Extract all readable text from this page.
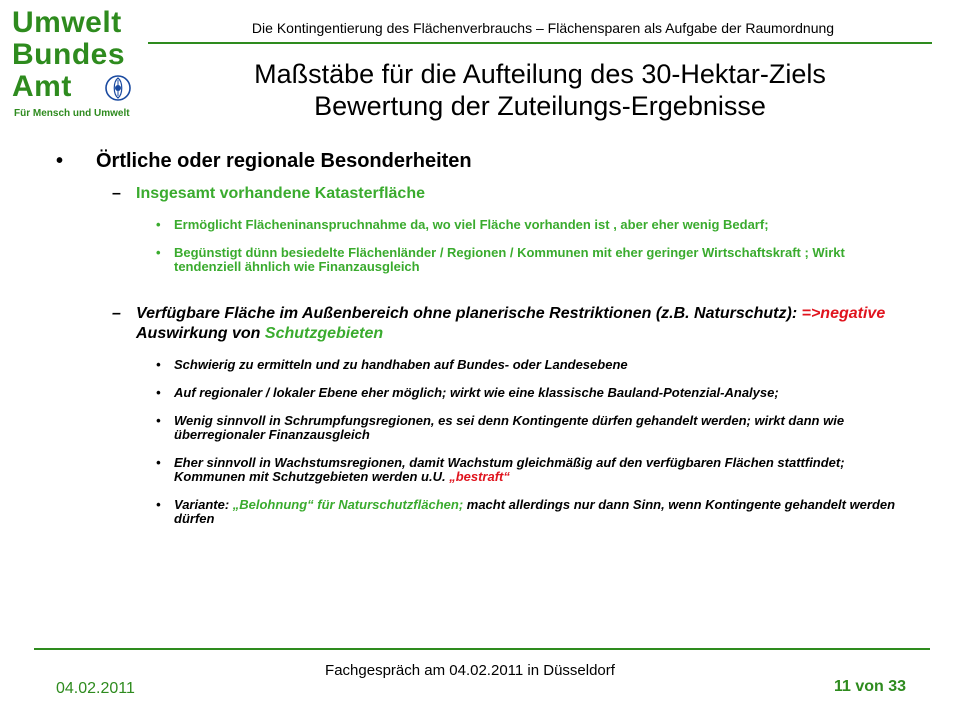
Umwelt
Bundes
Amt
Für Mensch und Umwelt
Die Kontingentierung des Flächenverbrauchs – Flächensparen als Aufgabe der Raumordnung
Maßstäbe für die Aufteilung des 30-Hektar-Ziels
Bewertung der Zuteilungs-Ergebnisse
• Örtliche oder regionale Besonderheiten
– Insgesamt vorhandene Katasterfläche
• Ermöglicht Flächeninanspruchnahme da, wo viel Fläche vorhanden ist , aber eher wenig Bedarf;
• Begünstigt dünn besiedelte Flächenländer / Regionen / Kommunen mit eher geringer Wirtschaftskraft ; Wirkt tendenziell ähnlich wie Finanzausgleich
– Verfügbare Fläche im Außenbereich ohne planerische Restriktionen (z.B. Naturschutz): =>negative Auswirkung von Schutzgebieten
• Schwierig zu ermitteln und zu handhaben auf Bundes- oder Landesebene
• Auf regionaler / lokaler Ebene eher möglich; wirkt wie eine klassische Bauland-Potenzial-Analyse;
• Wenig sinnvoll in Schrumpfungsregionen, es sei denn Kontingente dürfen gehandelt werden; wirkt dann wie überregionaler Finanzausgleich
• Eher sinnvoll in Wachstumsregionen, damit Wachstum gleichmäßig auf den verfügbaren Flächen stattfindet;
Kommunen mit Schutzgebieten werden u.U. „bestraft“
• Variante: „Belohnung“ für Naturschutzflächen; macht allerdings nur dann Sinn, wenn Kontingente gehandelt werden dürfen
04.02.2011
Fachgespräch am 04.02.2011 in Düsseldorf
11 von 33
